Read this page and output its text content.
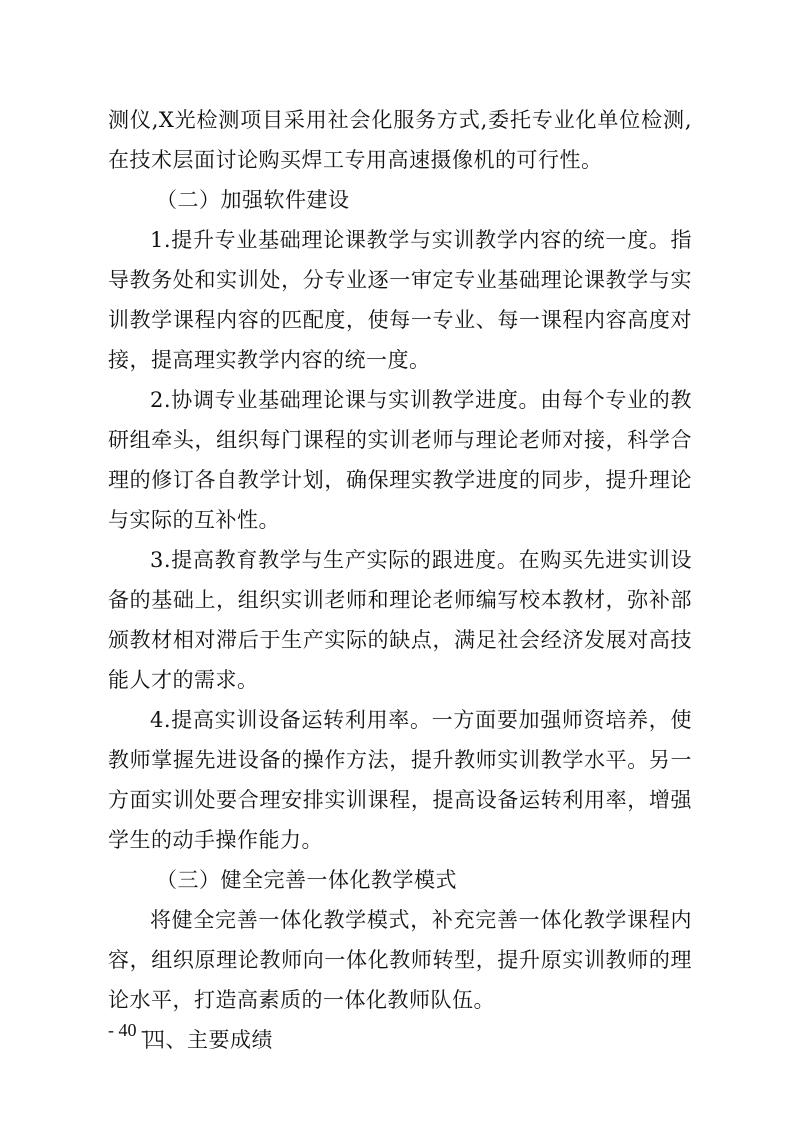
测仪,X光检测项目采用社会化服务方式,委托专业化单位检测,
在技术层面讨论购买焊工专用高速摄像机的可行性。
（二）加强软件建设
1.提升专业基础理论课教学与实训教学内容的统一度。指
导教务处和实训处，分专业逐一审定专业基础理论课教学与实
训教学课程内容的匹配度，使每一专业、每一课程内容高度对
接，提高理实教学内容的统一度。
2.协调专业基础理论课与实训教学进度。由每个专业的教
研组牵头，组织每门课程的实训老师与理论老师对接，科学合
理的修订各自教学计划，确保理实教学进度的同步，提升理论
与实际的互补性。
3.提高教育教学与生产实际的跟进度。在购买先进实训设
备的基础上，组织实训老师和理论老师编写校本教材，弥补部
颁教材相对滞后于生产实际的缺点，满足社会经济发展对高技
能人才的需求。
4.提高实训设备运转利用率。一方面要加强师资培养，使
教师掌握先进设备的操作方法，提升教师实训教学水平。另一
方面实训处要合理安排实训课程，提高设备运转利用率，增强
学生的动手操作能力。
（三）健全完善一体化教学模式
将健全完善一体化教学模式，补充完善一体化教学课程内
容，组织原理论教师向一体化教师转型，提升原实训教师的理
论水平，打造高素质的一体化教师队伍。
四、主要成绩
- 40 -
